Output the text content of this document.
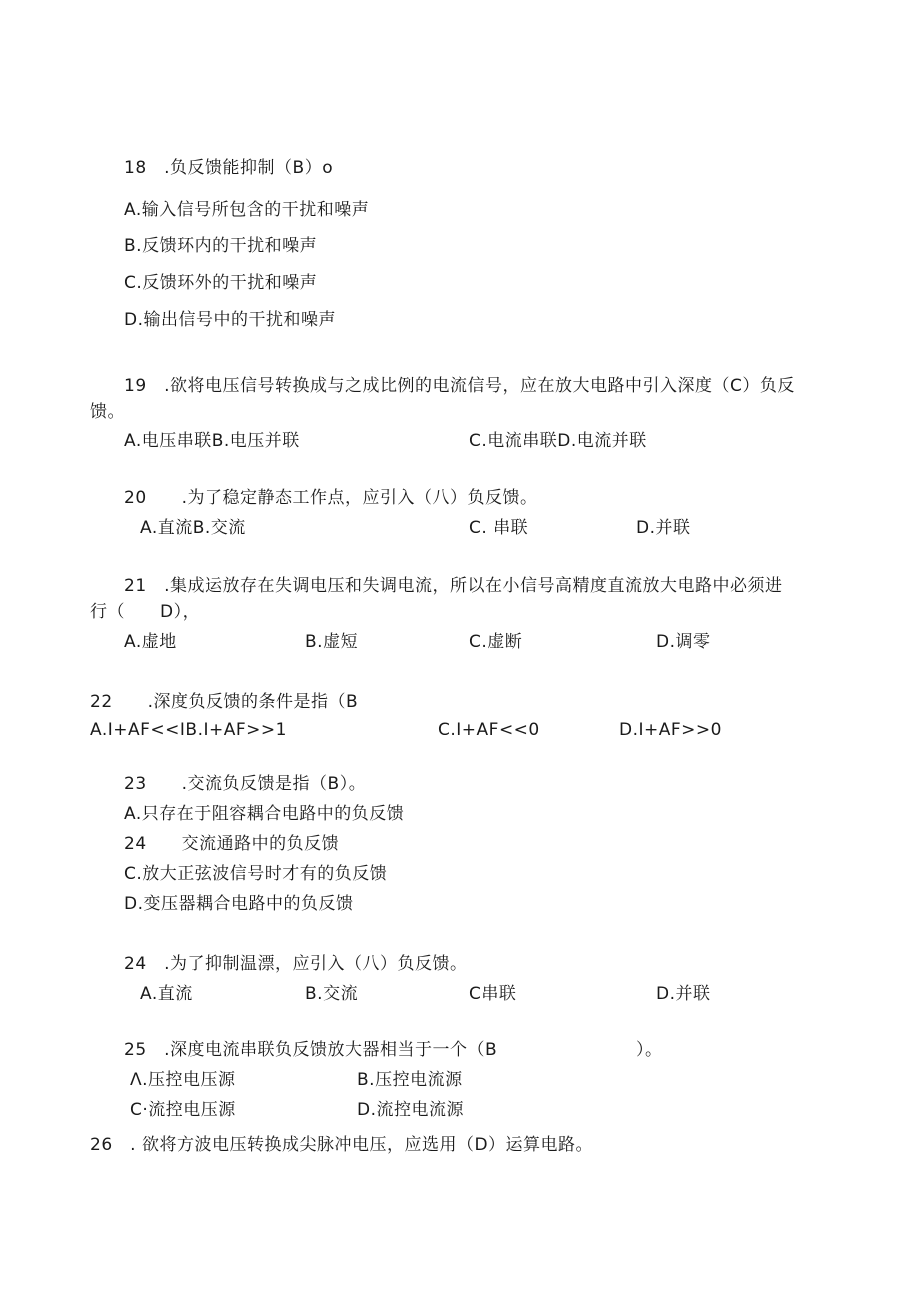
18　.负反馈能抑制（B）o
A.输入信号所包含的干扰和噪声
B.反馈环内的干扰和噪声
C.反馈环外的干扰和噪声
D.输出信号中的干扰和噪声
19　.欲将电压信号转换成与之成比例的电流信号，应在放大电路中引入深度（C）负反
馈。
A.电压串联B.电压并联	C.电流串联D.电流并联
20　　.为了稳定静态工作点，应引入（八）负反馈。
A.直流B.交流	C. 串联	D.并联
21　.集成运放存在失调电压和失调电流，所以在小信号高精度直流放大电路中必须进
行（　　D），
A.虚地	B.虚短	C.虚断	D.调零
22　　.深度负反馈的条件是指（B
A.I+AF<<IB.I+AF>>1	C.I+AF<<0	D.I+AF>>0
23　　.交流负反馈是指（B）。
A.只存在于阻容耦合电路中的负反馈
24　　交流通路中的负反馈
C.放大正弦波信号时才有的负反馈
D.变压器耦合电路中的负反馈
24　.为了抑制温漂，应引入（八）负反馈。
A.直流	B.交流	C串联	D.并联
25　.深度电流串联负反馈放大器相当于一个（B	）。
Λ.压控电压源	B.压控电流源
C·流控电压源	D.流控电流源
26　. 欲将方波电压转换成尖脉冲电压，应选用（D）运算电路。
